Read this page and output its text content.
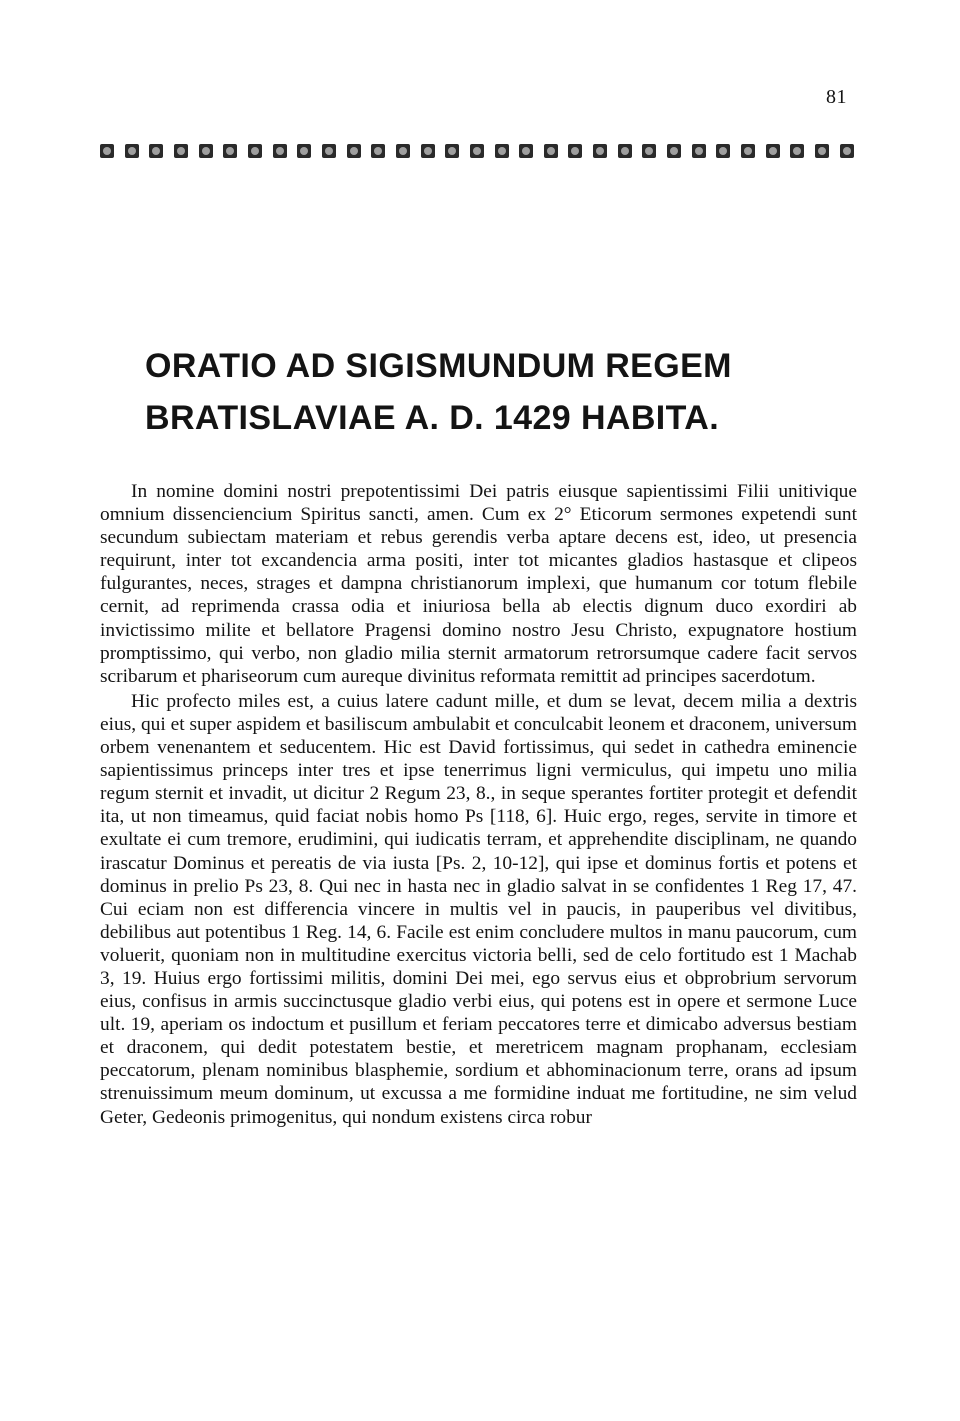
81
ORATIO AD SIGISMUNDUM REGEM
BRATISLAVIAE A. D. 1429 HABITA.

In nomine domini nostri prepotentissimi Dei patris eiusque sapientissimi Filii unitivique omnium dissenciencium Spiritus sancti, amen. Cum ex 2° Eticorum sermones expetendi sunt secundum subiectam materiam et rebus gerendis verba aptare decens est, ideo, ut presencia requirunt, inter tot excandencia arma positi, inter tot micantes gladios hastasque et clipeos fulgurantes, neces, strages et dampna christianorum implexi, que humanum cor totum flebile cernit, ad reprimenda crassa odia et iniuriosa bella ab electis dignum duco exordiri ab invictissimo milite et bellatore Pragensi domino nostro Jesu Christo, expugnatore hostium promptissimo, qui verbo, non gladio milia sternit armatorum retrorsumque cadere facit servos scribarum et phariseorum cum aureque divinitus reformata remittit ad principes sacerdotum.

Hic profecto miles est, a cuius latere cadunt mille, et dum se levat, decem milia a dextris eius, qui et super aspidem et basiliscum ambulabit et conculcabit leonem et draconem, universum orbem venenantem et seducentem. Hic est David fortissimus, qui sedet in cathedra eminencie sapientissimus princeps inter tres et ipse tenerrimus ligni vermiculus, qui impetu uno milia regum sternit et invadit, ut dicitur 2 Regum 23, 8., in seque sperantes fortiter protegit et defendit ita, ut non timeamus, quid faciat nobis homo Ps [118, 6]. Huic ergo, reges, servite in timore et exultate ei cum tremore, erudimini, qui iudicatis terram, et apprehendite disciplinam, ne quando irascatur Dominus et pereatis de via iusta [Ps. 2, 10-12], qui ipse et dominus fortis et potens et dominus in prelio Ps 23, 8. Qui nec in hasta nec in gladio salvat in se confidentes 1 Reg 17, 47. Cui eciam non est differencia vincere in multis vel in paucis, in pauperibus vel divitibus, debilibus aut potentibus 1 Reg. 14, 6. Facile est enim concludere multos in manu paucorum, cum voluerit, quoniam non in multitudine exercitus victoria belli, sed de celo fortitudo est 1 Machab 3, 19. Huius ergo fortissimi militis, domini Dei mei, ego servus eius et obprobrium servorum eius, confisus in armis succinctusque gladio verbi eius, qui potens est in opere et sermone Luce ult. 19, aperiam os indoctum et pusillum et feriam peccatores terre et dimicabo adversus bestiam et draconem, qui dedit potestatem bestie, et meretricem magnam prophanam, ecclesiam peccatorum, plenam nominibus blasphemie, sordium et abhominacionum terre, orans ad ipsum strenuissimum meum dominum, ut excussa a me formidine induat me fortitudine, ne sim velud Geter, Gedeonis primogenitus, qui nondum existens circa robur
